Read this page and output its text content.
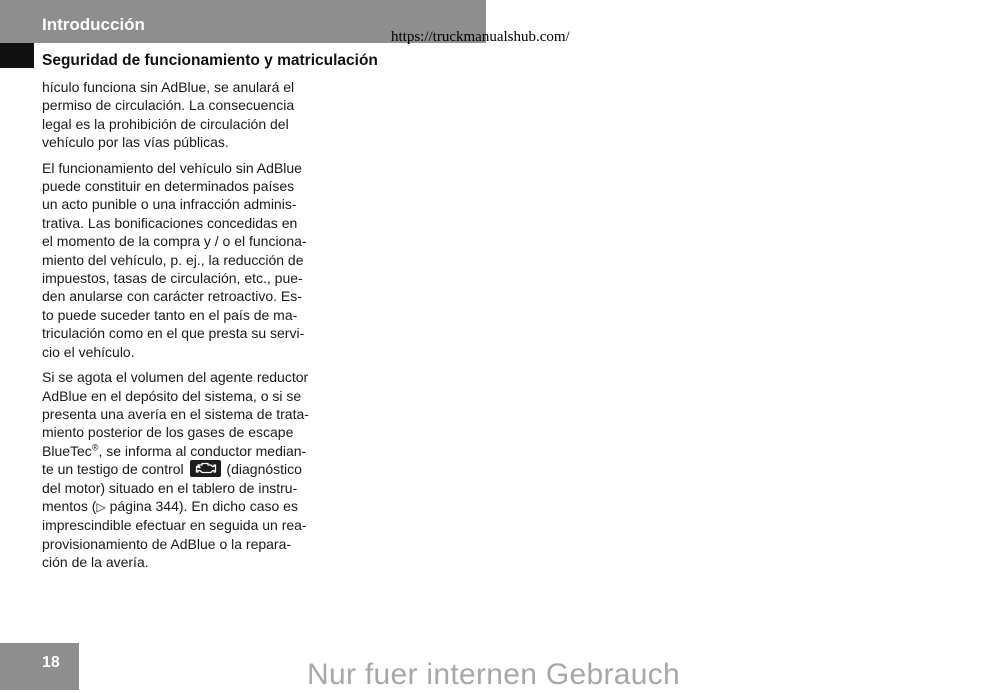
Introducción
https://truckmanualshub.com/
Seguridad de funcionamiento y matriculación

hículo funciona sin AdBlue, se anulará el
permiso de circulación. La consecuencia
legal es la prohibición de circulación del
vehículo por las vías públicas.

El funcionamiento del vehículo sin AdBlue
puede constituir en determinados países
un acto punible o una infracción adminis-
trativa. Las bonificaciones concedidas en
el momento de la compra y / o el funciona-
miento del vehículo, p. ej., la reducción de
impuestos, tasas de circulación, etc., pue-
den anularse con carácter retroactivo. Es-
to puede suceder tanto en el país de ma-
triculación como en el que presta su servi-
cio el vehículo.

Si se agota el volumen del agente reductor
AdBlue en el depósito del sistema, o si se
presenta una avería en el sistema de trata-
miento posterior de los gases de escape
BlueTec®, se informa al conductor median-
te un testigo de control	(diagnóstico
del motor) situado en el tablero de instru-
mentos (▷ página 344). En dicho caso es
imprescindible efectuar en seguida un rea-
provisionamiento de AdBlue o la repara-
ción de la avería.

18	Nur fuer internen Gebrauch
